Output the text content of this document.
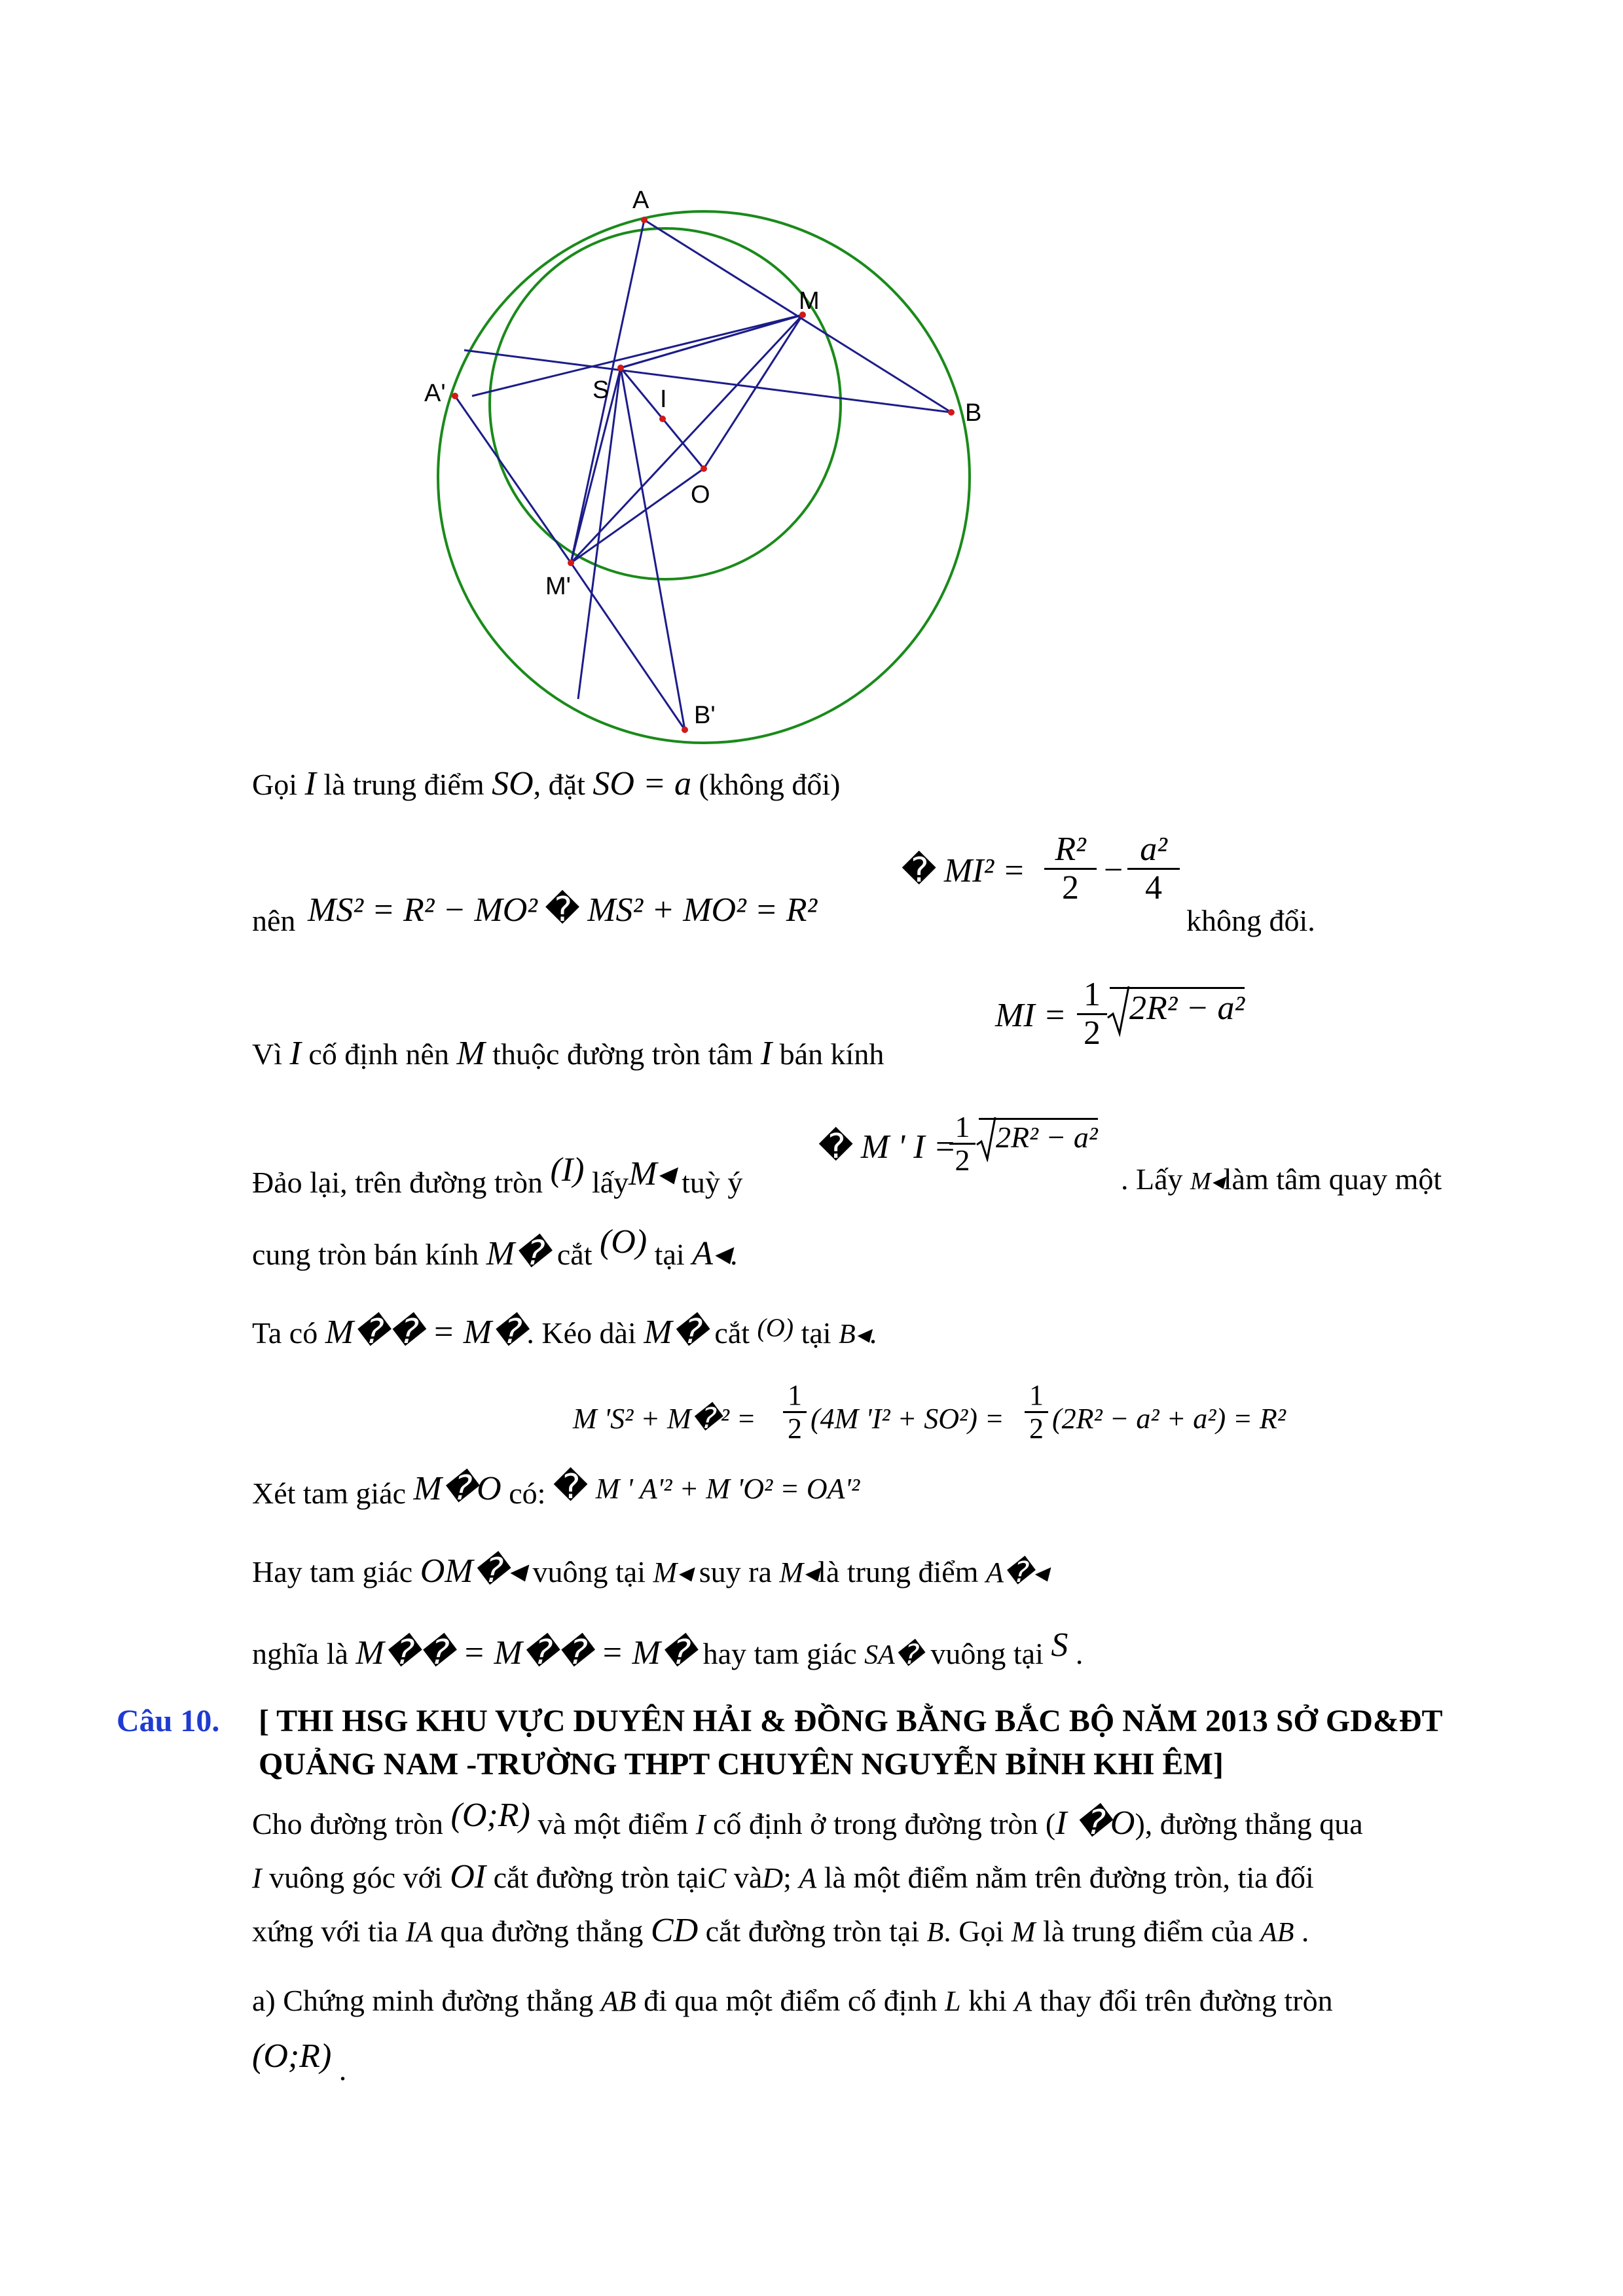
A
M
S I	B
O
A'
M'
B'
Gọi I là trung điểm SO, đặt SO = a (không đổi)
nên MS² = R² − MO² � MS² + MO² = R²
� $MI^2 = \frac{\text{R²}}{2} - \frac{\text{a²}}{4}$
không đổi.
Vì I cố định nên M thuộc đường tròn tâm I bán kính
MI = $\frac{1}{2} 2R^2 - a^2$
Đảo lại, trên đường tròn (I) lấyM◂ tuỳ ý
� M ' I =
$\frac{1}{2} 2R^2 - a^2$
. Lấy M◂làm tâm quay một
cung tròn bán kính M� cắt (O) tại A◂.
Ta có M�� = M�. Kéo dài M� cắt (O) tại B◂.
M 'S² + M�² = $\frac{1}{2} (4M$ '$I^2 + SO^2) = \frac{1}{2} (2R^2 - a^2 + a^2) = R^2$
Xét tam giác M�O có: � M ' A'² + M 'O² = OA'²
Hay tam giác OM�◂ vuông tại M◂ suy ra M◂là trung điểm A�◂
nghĩa là M�� = M�� = M� hay tam giác SA� vuông tại S .
Câu 10. [ THI HSG KHU VỰC DUYÊN HẢI & ĐỒNG BẰNG BẮC BỘ NĂM 2013 SỞ GD&ĐT
QUẢNG NAM -TRƯỜNG THPT CHUYÊN NGUYỄN BỈNH KHI ÊM]
Cho đường tròn (O;R) và một điểm I cố định ở trong đường tròn (I �O), đường thẳng qua
I vuông góc với OI cắt đường tròn tạiC vàD; A là một điểm nằm trên đường tròn, tia đối
xứng với tia IA qua đường thẳng CD cắt đường tròn tại B. Gọi M là trung điểm của AB .
a) Chứng minh đường thẳng AB đi qua một điểm cố định L khi A thay đổi trên đường tròn
(O;R) .
